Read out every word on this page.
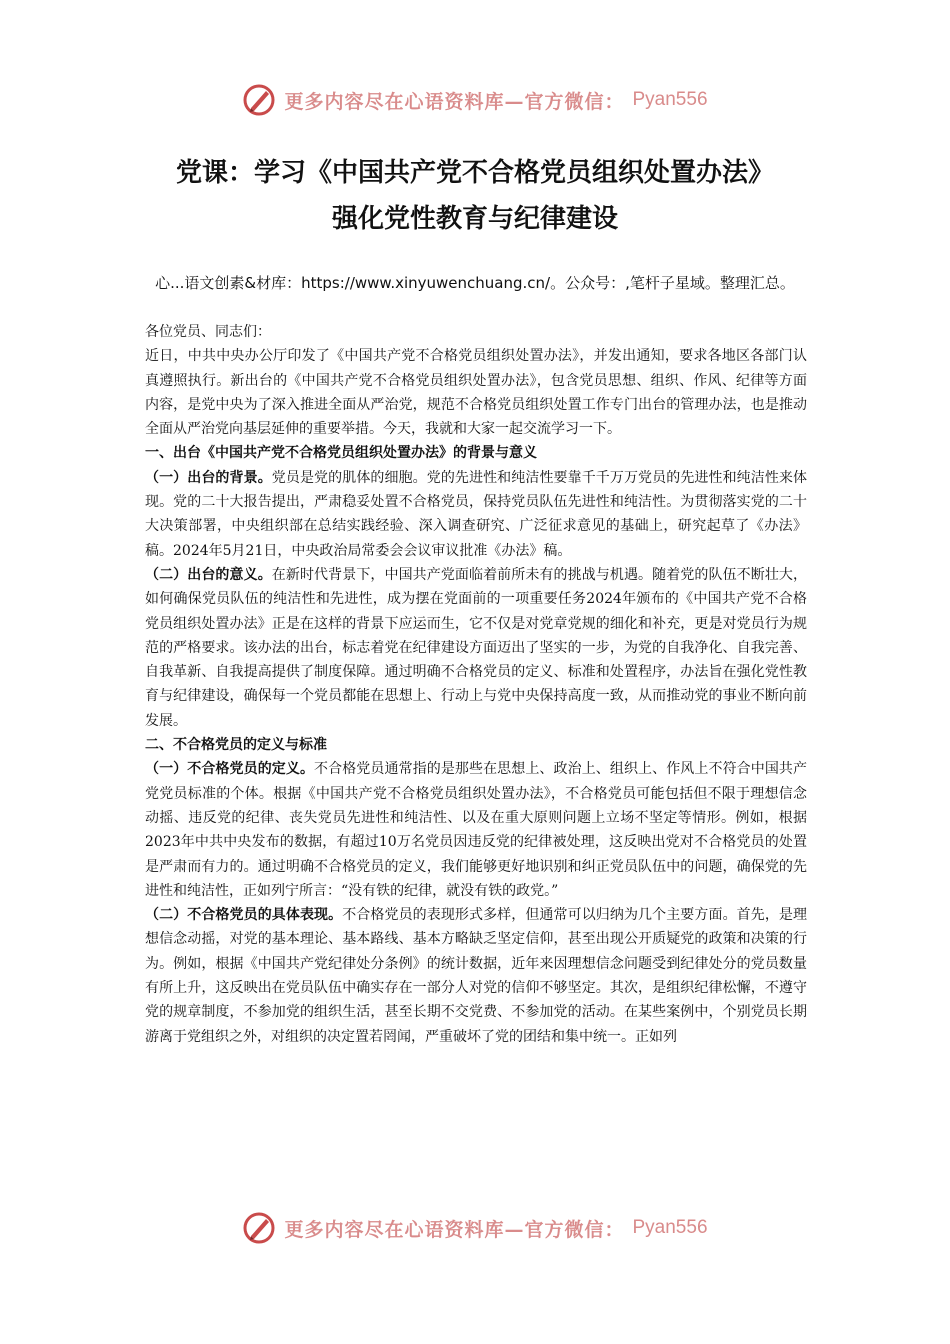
更多内容尽在心语资料库—官方微信： Pyan556
党课：学习《中国共产党不合格党员组织处置办法》
强化党性教育与纪律建设
心...语文创素&材库：https://www.xinyuwenchuang.cn/。公众号：,笔杆子星域。整理汇总。

各位党员、同志们：

近日，中共中央办公厅印发了《中国共产党不合格党员组织处置办法》，并发出通知，要求各地区各部门认真遵照执行。新出台的《中国共产党不合格党员组织处置办法》，包含党员思想、组织、作风、纪律等方面内容，是党中央为了深入推进全面从严治党，规范不合格党员组织处置工作专门出台的管理办法，也是推动全面从严治党向基层延伸的重要举措。今天，我就和大家一起交流学习一下。

一、出台《中国共产党不合格党员组织处置办法》的背景与意义

（一）出台的背景。党员是党的肌体的细胞。党的先进性和纯洁性要靠千千万万党员的先进性和纯洁性来体现。党的二十大报告提出，严肃稳妥处置不合格党员，保持党员队伍先进性和纯洁性。为贯彻落实党的二十大决策部署，中央组织部在总结实践经验、深入调查研究、广泛征求意见的基础上，研究起草了《办法》稿。2024年5月21日，中央政治局常委会会议审议批准《办法》稿。

（二）出台的意义。在新时代背景下，中国共产党面临着前所未有的挑战与机遇。随着党的队伍不断壮大，如何确保党员队伍的纯洁性和先进性，成为摆在党面前的一项重要任务2024年颁布的《中国共产党不合格党员组织处置办法》正是在这样的背景下应运而生，它不仅是对党章党规的细化和补充，更是对党员行为规范的严格要求。该办法的出台，标志着党在纪律建设方面迈出了坚实的一步，为党的自我净化、自我完善、自我革新、自我提高提供了制度保障。通过明确不合格党员的定义、标准和处置程序，办法旨在强化党性教育与纪律建设，确保每一个党员都能在思想上、行动上与党中央保持高度一致，从而推动党的事业不断向前发展。

二、不合格党员的定义与标准

（一）不合格党员的定义。不合格党员通常指的是那些在思想上、政治上、组织上、作风上不符合中国共产党党员标准的个体。根据《中国共产党不合格党员组织处置办法》，不合格党员可能包括但不限于理想信念动摇、违反党的纪律、丧失党员先进性和纯洁性、以及在重大原则问题上立场不坚定等情形。例如，根据2023年中共中央发布的数据，有超过10万名党员因违反党的纪律被处理，这反映出党对不合格党员的处置是严肃而有力的。通过明确不合格党员的定义，我们能够更好地识别和纠正党员队伍中的问题，确保党的先进性和纯洁性，正如列宁所言：“没有铁的纪律，就没有铁的政党。”

（二）不合格党员的具体表现。不合格党员的表现形式多样，但通常可以归纳为几个主要方面。首先，是理想信念动摇，对党的基本理论、基本路线、基本方略缺乏坚定信仰，甚至出现公开质疑党的政策和决策的行为。例如，根据《中国共产党纪律处分条例》的统计数据，近年来因理想信念问题受到纪律处分的党员数量有所上升，这反映出在党员队伍中确实存在一部分人对党的信仰不够坚定。其次，是组织纪律松懈，不遵守党的规章制度，不参加党的组织生活，甚至长期不交党费、不参加党的活动。在某些案例中，个别党员长期游离于党组织之外，对组织的决定置若罔闻，严重破坏了党的团结和集中统一。正如列

更多内容尽在心语资料库—官方微信： Pyan556
